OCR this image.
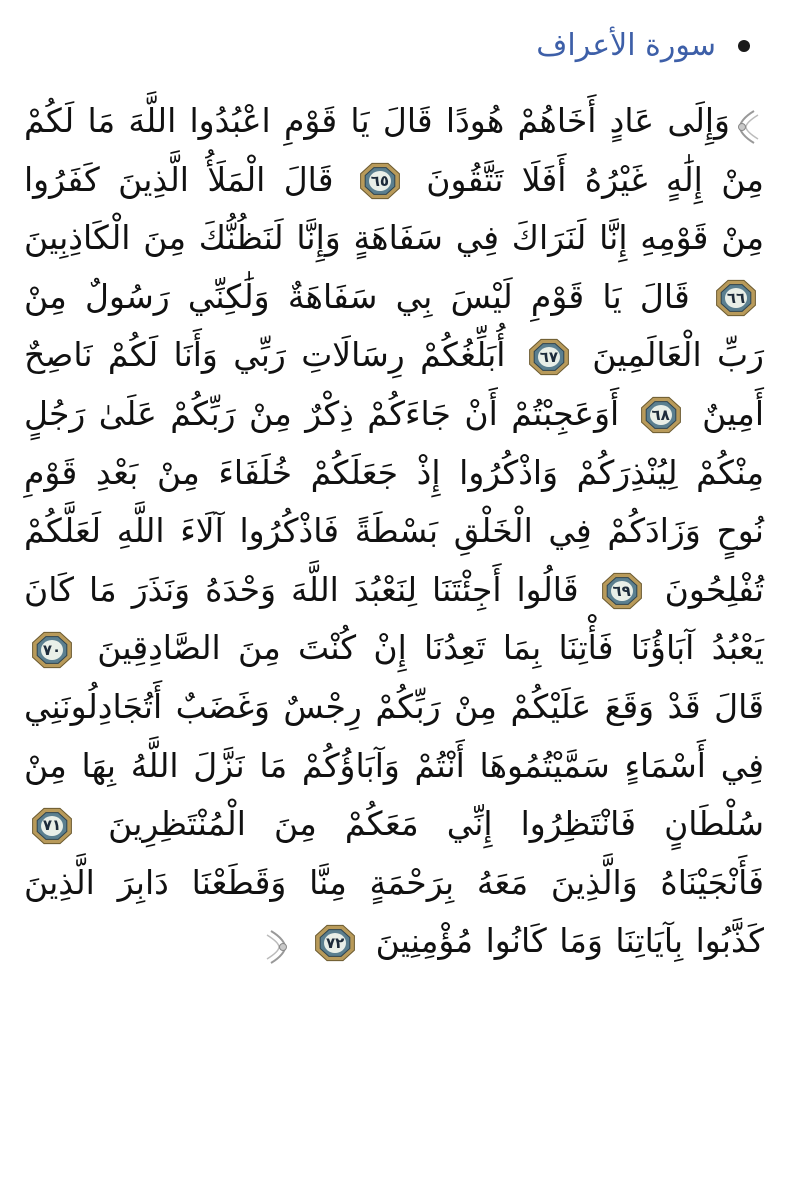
سورة الأعراف
وَإِلَى عَادٍ أَخَاهُمْ هُودًا قَالَ يَا قَوْمِ اعْبُدُوا اللَّهَ مَا لَكُمْ مِنْ إِلَٰهٍ غَيْرُهُ أَفَلَا تَتَّقُونَ
٦٥
قَالَ الْمَلَأُ الَّذِينَ كَفَرُوا مِنْ قَوْمِهِ إِنَّا لَنَرَاكَ فِي سَفَاهَةٍ وَإِنَّا لَنَظُنُّكَ مِنَ الْكَاذِبِينَ
٦٦
قَالَ يَا قَوْمِ لَيْسَ بِي سَفَاهَةٌ وَلَٰكِنِّي رَسُولٌ مِنْ رَبِّ الْعَالَمِينَ
٦٧
أُبَلِّغُكُمْ رِسَالَاتِ رَبِّي وَأَنَا لَكُمْ نَاصِحٌ أَمِينٌ
٦٨
أَوَعَجِبْتُمْ أَنْ جَاءَكُمْ ذِكْرٌ مِنْ رَبِّكُمْ عَلَىٰ رَجُلٍ مِنْكُمْ لِيُنْذِرَكُمْ وَاذْكُرُوا إِذْ جَعَلَكُمْ خُلَفَاءَ مِنْ بَعْدِ قَوْمِ نُوحٍ وَزَادَكُمْ فِي الْخَلْقِ بَسْطَةً فَاذْكُرُوا آلَاءَ اللَّهِ لَعَلَّكُمْ تُفْلِحُونَ
٦٩
قَالُوا أَجِئْتَنَا لِنَعْبُدَ اللَّهَ وَحْدَهُ وَنَذَرَ مَا كَانَ يَعْبُدُ آبَاؤُنَا فَأْتِنَا بِمَا تَعِدُنَا إِنْ كُنْتَ مِنَ الصَّادِقِينَ
٧٠
قَالَ قَدْ وَقَعَ عَلَيْكُمْ مِنْ رَبِّكُمْ رِجْسٌ وَغَضَبٌ أَتُجَادِلُونَنِي فِي أَسْمَاءٍ سَمَّيْتُمُوهَا أَنْتُمْ وَآبَاؤُكُمْ مَا نَزَّلَ اللَّهُ بِهَا مِنْ سُلْطَانٍ فَانْتَظِرُوا إِنِّي مَعَكُمْ مِنَ الْمُنْتَظِرِينَ
٧١
فَأَنْجَيْنَاهُ وَالَّذِينَ مَعَهُ بِرَحْمَةٍ مِنَّا وَقَطَعْنَا دَابِرَ الَّذِينَ كَذَّبُوا بِآيَاتِنَا وَمَا كَانُوا مُؤْمِنِينَ
٧٢
